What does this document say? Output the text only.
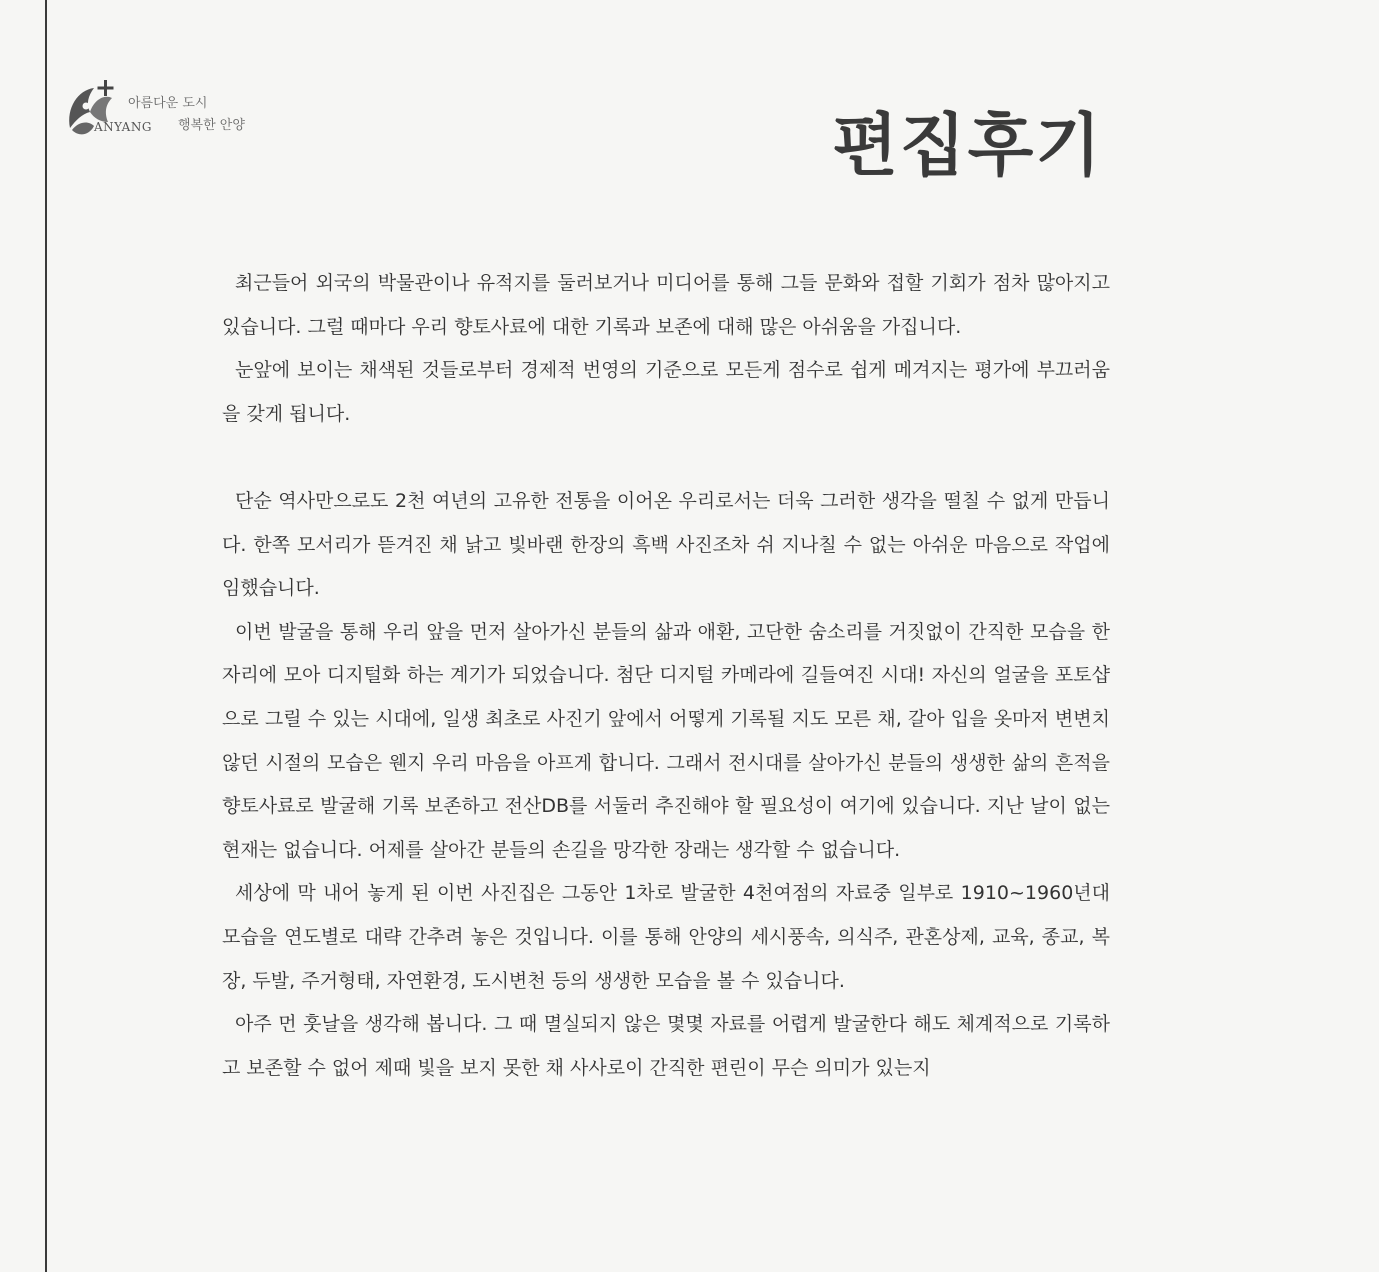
ANYANG
아름다운 도시
행복한 안양	편집후기

최근들어 외국의 박물관이나 유적지를 둘러보거나 미디어를 통해 그들 문화와 접할 기회가 점차 많아지고 있습니다. 그럴 때마다 우리 향토사료에 대한 기록과 보존에 대해 많은 아쉬움을 가집니다.

눈앞에 보이는 채색된 것들로부터 경제적 번영의 기준으로 모든게 점수로 쉽게 메겨지는 평가에 부끄러움을 갖게 됩니다.

단순 역사만으로도 2천 여년의 고유한 전통을 이어온 우리로서는 더욱 그러한 생각을 떨칠 수 없게 만듭니다. 한쪽 모서리가 뜯겨진 채 낡고 빛바랜 한장의 흑백 사진조차 쉬 지나칠 수 없는 아쉬운 마음으로 작업에 임했습니다.

이번 발굴을 통해 우리 앞을 먼저 살아가신 분들의 삶과 애환, 고단한 숨소리를 거짓없이 간직한 모습을 한 자리에 모아 디지털화 하는 계기가 되었습니다. 첨단 디지털 카메라에 길들여진 시대! 자신의 얼굴을 포토샵으로 그릴 수 있는 시대에, 일생 최초로 사진기 앞에서 어떻게 기록될 지도 모른 채, 갈아 입을 옷마저 변변치 않던 시절의 모습은 웬지 우리 마음을 아프게 합니다. 그래서 전시대를 살아가신 분들의 생생한 삶의 흔적을 향토사료로 발굴해 기록 보존하고 전산DB를 서둘러 추진해야 할 필요성이 여기에 있습니다. 지난 날이 없는 현재는 없습니다. 어제를 살아간 분들의 손길을 망각한 장래는 생각할 수 없습니다.

세상에 막 내어 놓게 된 이번 사진집은 그동안 1차로 발굴한 4천여점의 자료중 일부로 1910~1960년대 모습을 연도별로 대략 간추려 놓은 것입니다. 이를 통해 안양의 세시풍속, 의식주, 관혼상제, 교육, 종교, 복장, 두발, 주거형태, 자연환경, 도시변천 등의 생생한 모습을 볼 수 있습니다.

아주 먼 훗날을 생각해 봅니다. 그 때 멸실되지 않은 몇몇 자료를 어렵게 발굴한다 해도 체계적으로 기록하고 보존할 수 없어 제때 빛을 보지 못한 채 사사로이 간직한 편린이 무슨 의미가 있는지
